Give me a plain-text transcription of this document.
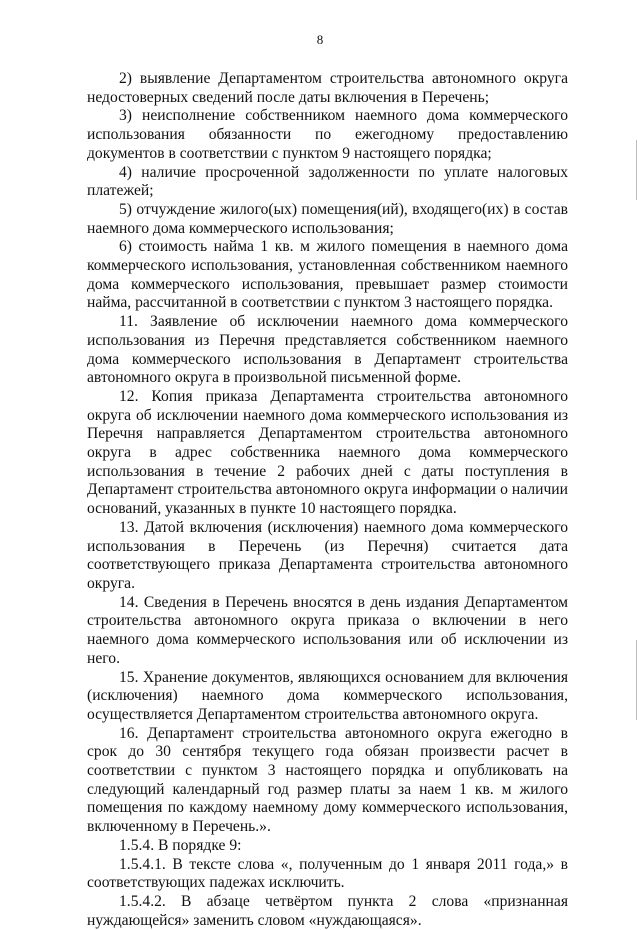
8

2) выявление Департаментом строительства автономного округа недостоверных сведений после даты включения в Перечень;

3) неисполнение собственником наемного дома коммерческого использования обязанности по ежегодному предоставлению документов в соответствии с пунктом 9 настоящего порядка;

4) наличие просроченной задолженности по уплате налоговых платежей;

5) отчуждение жилого(ых) помещения(ий), входящего(их) в состав наемного дома коммерческого использования;

6) стоимость найма 1 кв. м жилого помещения в наемного дома коммерческого использования, установленная собственником наемного дома коммерческого использования, превышает размер стоимости найма, рассчитанной в соответствии с пунктом 3 настоящего порядка.

11. Заявление об исключении наемного дома коммерческого использования из Перечня представляется собственником наемного дома коммерческого использования в Департамент строительства автономного округа в произвольной письменной форме.

12. Копия приказа Департамента строительства автономного округа об исключении наемного дома коммерческого использования из Перечня направляется Департаментом строительства автономного округа в адрес собственника наемного дома коммерческого использования в течение 2 рабочих дней с даты поступления в Департамент строительства автономного округа информации о наличии оснований, указанных в пункте 10 настоящего порядка.

13. Датой включения (исключения) наемного дома коммерческого использования в Перечень (из Перечня) считается дата соответствующего приказа Департамента строительства автономного округа.

14. Сведения в Перечень вносятся в день издания Департаментом строительства автономного округа приказа о включении в него наемного дома коммерческого использования или об исключении из него.

15. Хранение документов, являющихся основанием для включения (исключения) наемного дома коммерческого использования, осуществляется Департаментом строительства автономного округа.

16. Департамент строительства автономного округа ежегодно в срок до 30 сентября текущего года обязан произвести расчет в соответствии с пунктом 3 настоящего порядка и опубликовать на следующий календарный год размер платы за наем 1 кв. м жилого помещения по каждому наемному дому коммерческого использования, включенному в Перечень.».

1.5.4. В порядке 9:

1.5.4.1. В тексте слова «, полученным до 1 января 2011 года,» в соответствующих падежах исключить.

1.5.4.2. В абзаце четвёртом пункта 2 слова «признанная нуждающейся» заменить словом «нуждающаяся».
